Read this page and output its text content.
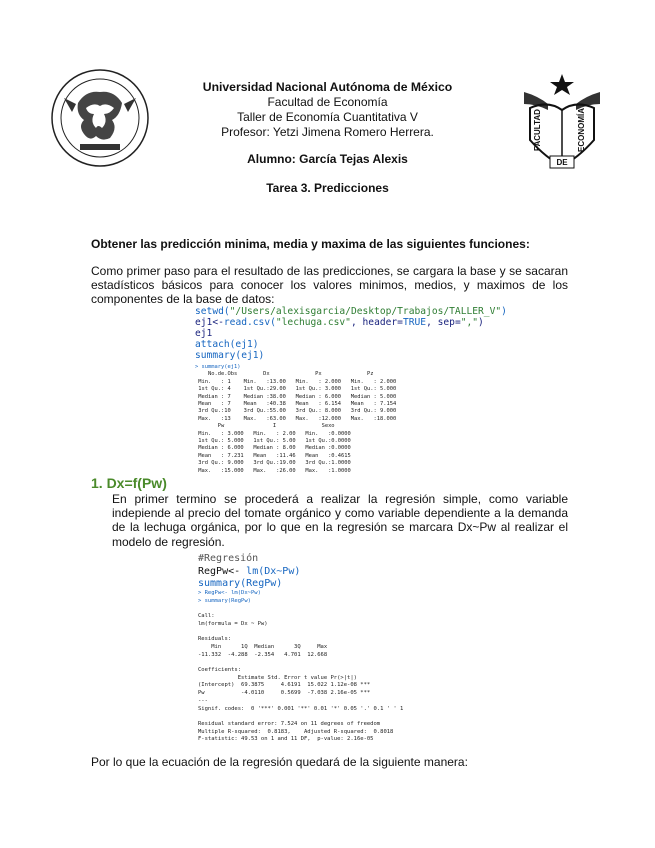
FACULTAD	ECONOMÍA
DE
Universidad Nacional Autónoma de México
Facultad de Economía
Taller de Economía Cuantitativa V
Profesor: Yetzi Jimena Romero Herrera.
Alumno: García Tejas Alexis
Tarea 3. Predicciones
Obtener las predicción minima, media y maxima de las siguientes funciones:
Como primer paso para el resultado de las predicciones, se cargara la base y se sacaran estadísticos básicos para conocer los valores minimos, medios, y maximos de los componentes de la base de datos:
setwd("/Users/alexisgarcia/Desktop/Trabajos/TALLER_V")
ej1<-read.csv("lechuga.csv", header=TRUE, sep=",")
ej1
attach(ej1)
summary(ej1)
> summary(ej1)
No.de.Obs        Dx              Px              Pz
Min.   : 1    Min.   :13.00   Min.   : 2.000   Min.   : 2.000
1st Qu.: 4    1st Qu.:29.00   1st Qu.: 3.000   1st Qu.: 5.000
Median : 7    Median :38.00   Median : 6.000   Median : 5.000
Mean   : 7    Mean   :40.38   Mean   : 6.154   Mean   : 7.154
3rd Qu.:10    3rd Qu.:55.00   3rd Qu.: 8.000   3rd Qu.: 9.000
Max.   :13    Max.   :63.00   Max.   :12.000   Max.   :18.000
Pw               I              Sexo
Min.   : 3.000   Min.   : 2.00   Min.   :0.0000
1st Qu.: 5.000   1st Qu.: 5.00   1st Qu.:0.0000
Median : 6.000   Median : 8.00   Median :0.0000
Mean   : 7.231   Mean   :11.46   Mean   :0.4615
3rd Qu.: 9.000   3rd Qu.:19.00   3rd Qu.:1.0000
Max.   :15.000   Max.   :26.00   Max.   :1.0000
1. Dx=f(Pw)
En primer termino se procederá a realizar la regresión simple, como variable indepiende al precio del tomate orgánico y como variable dependiente a la demanda de la lechuga orgánica, por lo que en la regresión se marcara Dx~Pw al realizar el modelo de regresión.
#Regresión
RegPw<- lm(Dx~Pw)
summary(RegPw)
> RegPw<- lm(Dx~Pw)
> summary(RegPw)

Call:
lm(formula = Dx ~ Pw)

Residuals:
Min      1Q  Median      3Q     Max
-11.332  -4.288  -2.354   4.701  12.668

Coefficients:
Estimate Std. Error t value Pr(>|t|)
(Intercept)  69.3875     4.6191  15.022 1.12e-08 ***
Pw           -4.0110     0.5699  -7.038 2.16e-05 ***
---
Signif. codes:  0 '***' 0.001 '**' 0.01 '*' 0.05 '.' 0.1 ' ' 1

Residual standard error: 7.524 on 11 degrees of freedom
Multiple R-squared:  0.8183,	Adjusted R-squared:  0.8018
F-statistic: 49.53 on 1 and 11 DF,  p-value: 2.16e-05
Por lo que la ecuación de la regresión quedará de la siguiente manera:
